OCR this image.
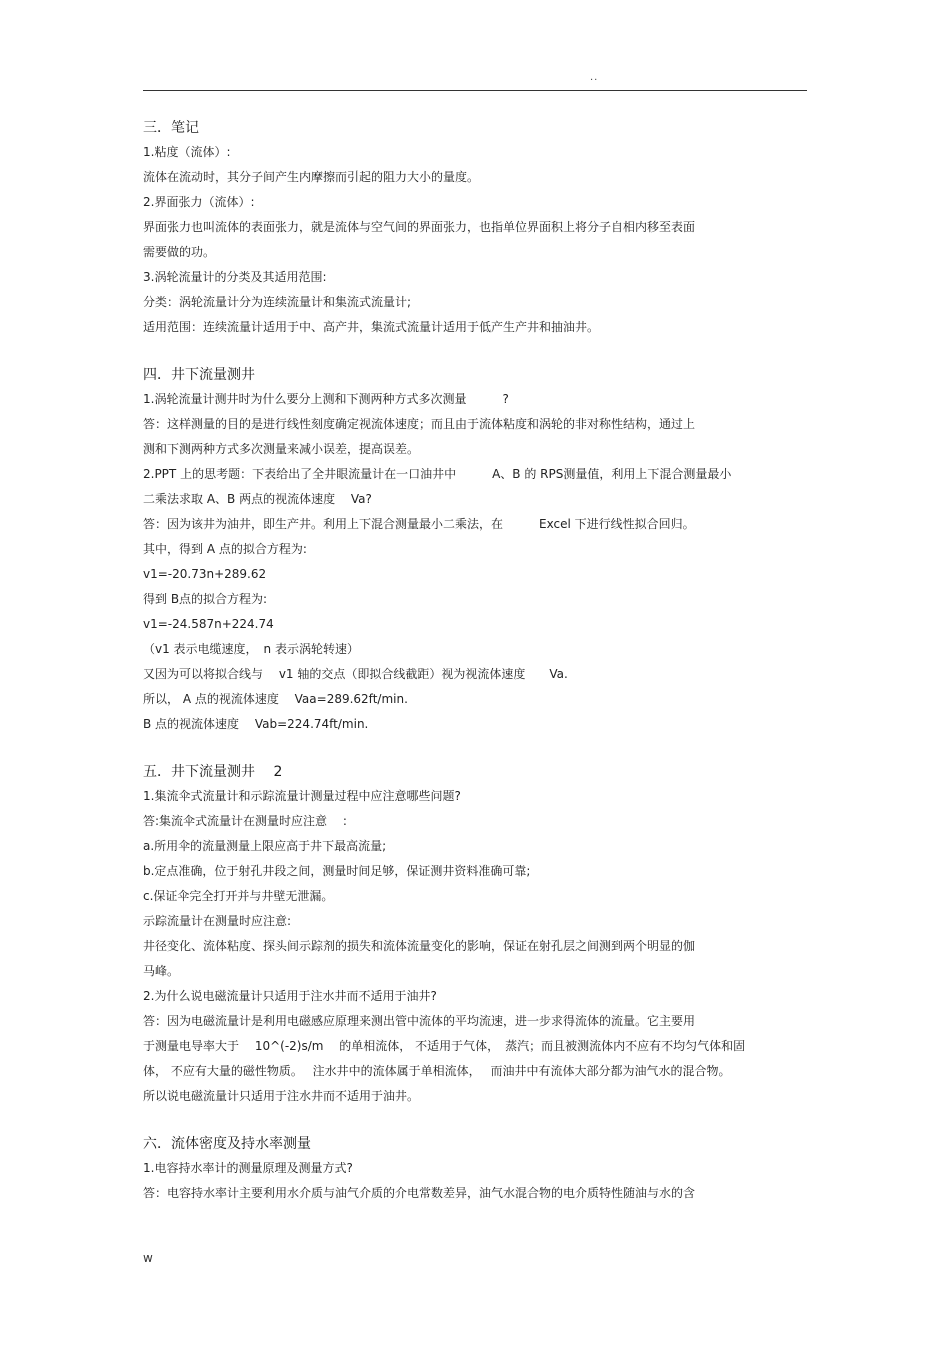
..
三．笔记
1.粘度（流体）:
流体在流动时，其分子间产生内摩擦而引起的阻力大小的量度。
2.界面张力（流体）:
界面张力也叫流体的表面张力，就是流体与空气间的界面张力，也指单位界面积上将分子自相内移至表面
需要做的功。
3.涡轮流量计的分类及其适用范围:
分类：涡轮流量计分为连续流量计和集流式流量计;
适用范围：连续流量计适用于中、高产井，集流式流量计适用于低产生产井和抽油井。
四．井下流量测井
1.涡轮流量计测井时为什么要分上测和下测两种方式多次测量　　　?
答：这样测量的目的是进行线性刻度确定视流体速度；而且由于流体粘度和涡轮的非对称性结构，通过上
测和下测两种方式多次测量来减小误差，提高误差。
2.PPT 上的思考题：下表给出了全井眼流量计在一口油井中　　　A、B 的 RPS测量值，利用上下混合测量最小
二乘法求取 A、B 两点的视流体速度　 Va?
答：因为该井为油井，即生产井。利用上下混合测量最小二乘法，在　　　Excel 下进行线性拟合回归。
其中，得到 A 点的拟合方程为:
v1=-20.73n+289.62
得到 B点的拟合方程为:
v1=-24.587n+224.74
（v1 表示电缆速度，　n 表示涡轮转速）
又因为可以将拟合线与　 v1 轴的交点（即拟合线截距）视为视流体速度　　Va.
所以， A 点的视流体速度　 Vaa=289.62ft/min.
B 点的视流体速度　 Vab=224.74ft/min.
五．井下流量测井　 2
1.集流伞式流量计和示踪流量计测量过程中应注意哪些问题?
答:集流伞式流量计在测量时应注意　 :
a.所用伞的流量测量上限应高于井下最高流量;
b.定点准确，位于射孔井段之间，测量时间足够，保证测井资料准确可靠;
c.保证伞完全打开并与井壁无泄漏。
示踪流量计在测量时应注意:
井径变化、流体粘度、探头间示踪剂的损失和流体流量变化的影响，保证在射孔层之间测到两个明显的伽
马峰。
2.为什么说电磁流量计只适用于注水井而不适用于油井?
答：因为电磁流量计是利用电磁感应原理来测出管中流体的平均流速，进一步求得流体的流量。它主要用
于测量电导率大于　 10^(-2)s/m　 的单相流体， 不适用于气体，　蒸汽；而且被测流体内不应有不均匀气体和固
体， 不应有大量的磁性物质。　 注水井中的流体属于单相流体，　 而油井中有流体大部分都为油气水的混合物。
所以说电磁流量计只适用于注水井而不适用于油井。
六．流体密度及持水率测量
1.电容持水率计的测量原理及测量方式?
答：电容持水率计主要利用水介质与油气介质的介电常数差异，油气水混合物的电介质特性随油与水的含
w
